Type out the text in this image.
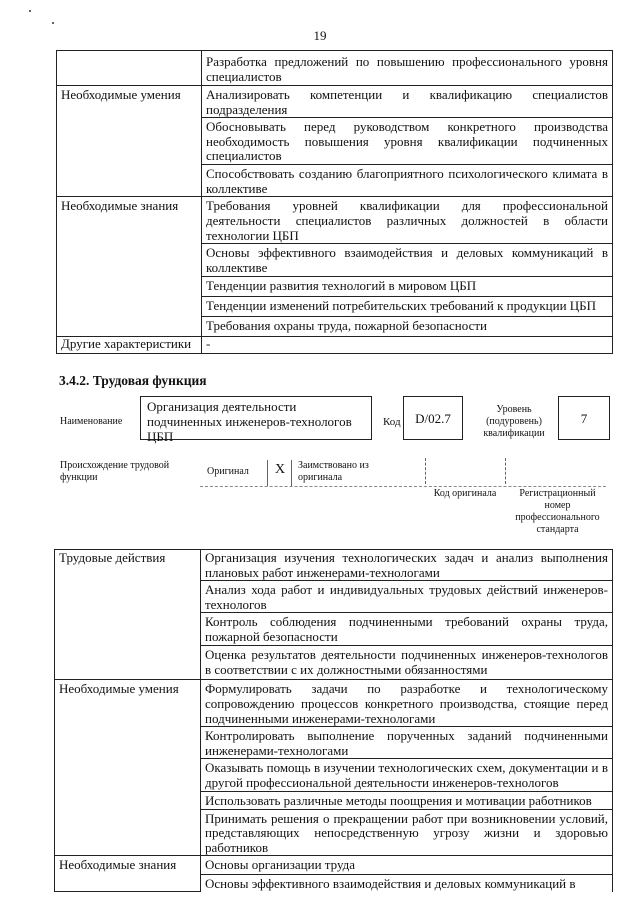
19
	Разработка предложений по повышению профессионального уровня специалистов
Необходимые умения	Анализировать компетенции и квалификацию специалистов подразделения
	Обосновывать перед руководством конкретного производства необходимость повышения уровня квалификации подчиненных специалистов
	Способствовать созданию благоприятного психологического климата в коллективе
Необходимые знания	Требования уровней квалификации для профессиональной деятельности специалистов различных должностей в области технологии ЦБП
	Основы эффективного взаимодействия и деловых коммуникаций в коллективе
	Тенденции развития технологий в мировом ЦБП
	Тенденции изменений потребительских требований к продукции ЦБП
	Требования охраны труда, пожарной безопасности
Другие характеристики	-
3.4.2. Трудовая функция
Наименование
Организация деятельности подчиненных инженеров-технологов ЦБП
Код	D/02.7
Уровень (подуровень) квалификации
7
Происхождение трудовой функции
Оригинал X Заимствовано из оригинала
Код оригинала	Регистрационный номер профессионального стандарта
Трудовые действия	Организация изучения технологических задач и анализ выполнения плановых работ инженерами-технологами
	Анализ хода работ и индивидуальных трудовых действий инженеров-технологов
	Контроль соблюдения подчиненными требований охраны труда, пожарной безопасности
	Оценка результатов деятельности подчиненных инженеров-технологов в соответствии с их должностными обязанностями
Необходимые умения	Формулировать задачи по разработке и технологическому сопровождению процессов конкретного производства, стоящие перед подчиненными инженерами-технологами
	Контролировать выполнение порученных заданий подчиненными инженерами-технологами
	Оказывать помощь в изучении технологических схем, документации и в другой профессиональной деятельности инженеров-технологов
	Использовать различные методы поощрения и мотивации работников
	Принимать решения о прекращении работ при возникновении условий, представляющих непосредственную угрозу жизни и здоровью работников
Необходимые знания	Основы организации труда
	Основы эффективного взаимодействия и деловых коммуникаций в
